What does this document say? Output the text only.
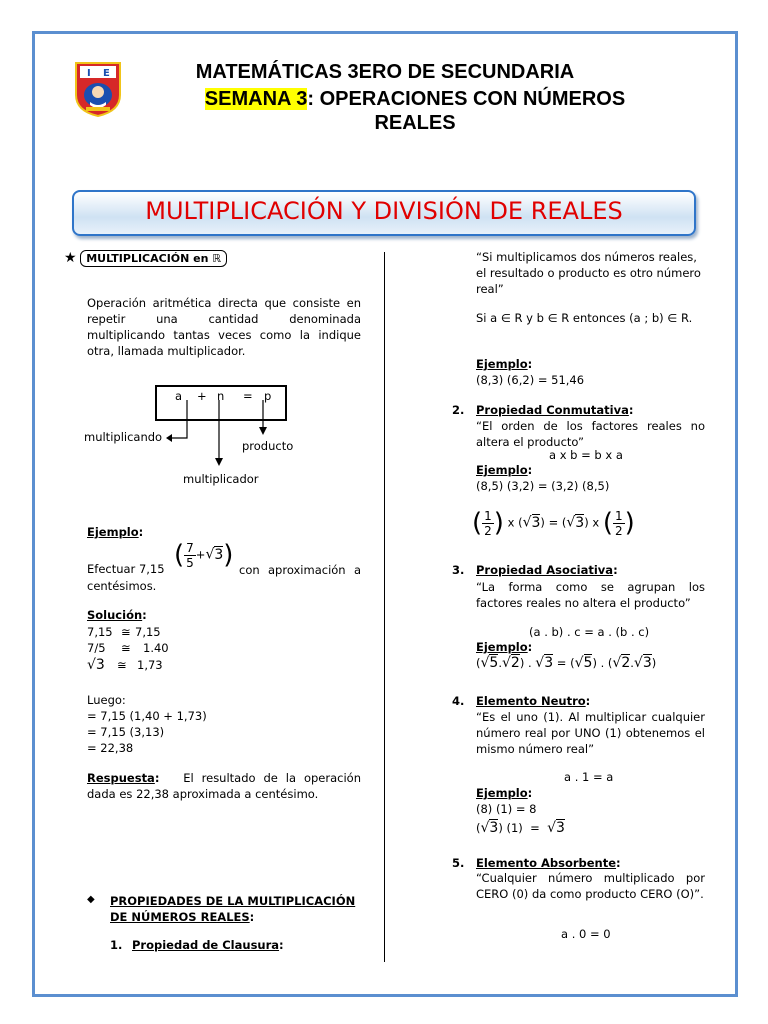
I E	MATEMÁTICAS 3ERO DE SECUNDARIA
SEMANA 3: OPERACIONES CON NÚMEROS
REALES
MULTIPLICACIÓN Y DIVISIÓN DE REALES
★ MULTIPLICACIÓN en ℝ
Operación aritmética directa que consiste en repetir una cantidad denominada multiplicando tantas veces como la indique otra, llamada multiplicador.
a + n = p
multiplicando
producto
multiplicador
Ejemplo:
Efectuar 7,15 ( $\frac{7}{5} +√3$) con aproximación a centésimos.
Solución:
7,15 ≅ 7,15
7/5 ≅ 1.40
√3 ≅ 1,73
Luego:
= 7,15 (1,40 + 1,73)
= 7,15 (3,13)
= 22,38
Respuesta: El resultado de la operación dada es 22,38 aproximada a centésimo.
◆ PROPIEDADES DE LA MULTIPLICACIÓN DE NÚMEROS REALES:
1. Propiedad de Clausura:
“Si multiplicamos dos números reales, el resultado o producto es otro número real”
Si a ∈ R y b ∈ R entonces (a ; b) ∈ R.
Ejemplo:
(8,3) (6,2) = 51,46
2. Propiedad Conmutativa:
“El orden de los factores reales no altera el producto”
a x b = b x a
Ejemplo:
(8,5) (3,2) = (3,2) (8,5)
( $\frac{1}{2}$ ) x (√3) = (√3) x ( $\frac{1}{2}$ )
3. Propiedad Asociativa:
“La forma como se agrupan los factores reales no altera el producto”
(a . b) . c = a . (b . c)
Ejemplo:
(√5.√2) . √3 = (√5) . (√2.√3)
4. Elemento Neutro:
“Es el uno (1). Al multiplicar cualquier número real por UNO (1) obtenemos el mismo número real”
a . 1 = a
Ejemplo:
(8) (1) = 8
(√3) (1) = √3
5. Elemento Absorbente:
“Cualquier número multiplicado por CERO (0) da como producto CERO (O)”.
a . 0 = 0
